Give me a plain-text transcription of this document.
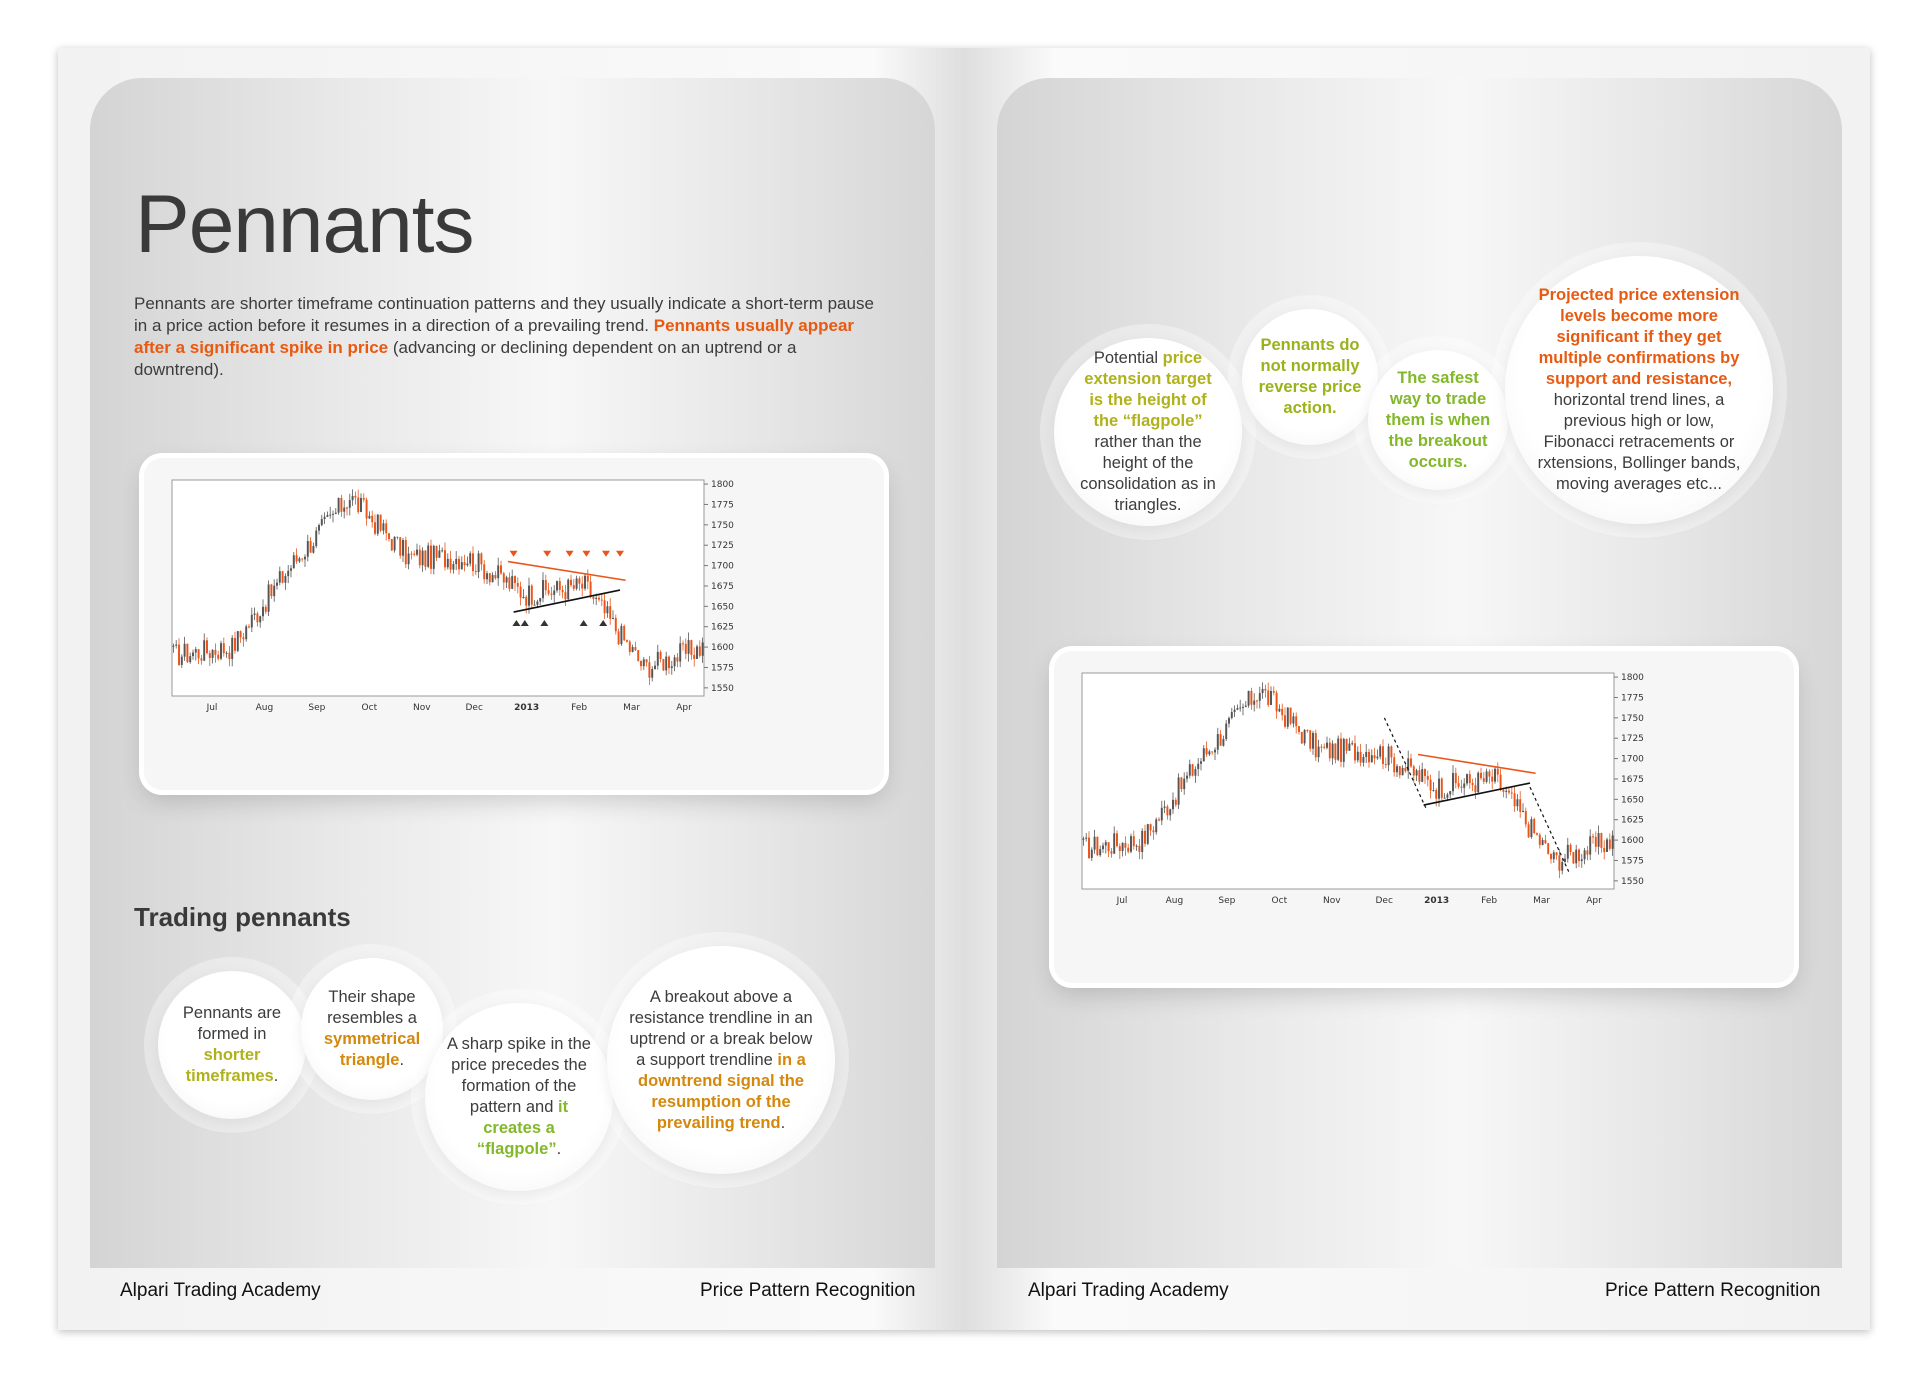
Pennants

Pennants are shorter timeframe continuation patterns and they usually indicate a short-term pause in a price action before it resumes in a direction of a prevailing trend. Pennants usually appear after a significant spike in price (advancing or declining dependent on an uptrend or a downtrend).

1800
1775
1750
1725
1700
1675
1650
1625
1600
1575
1550
Jul	Aug	Sep	Oct	Nov	Dec	2013	Feb	Mar	Apr
Trading pennants

Pennants are formed in shorter timeframes.

Their shape resembles a symmetrical triangle.

A sharp spike in the price precedes the formation of the pattern and it creates a “flagpole”.

A breakout above a resistance trendline in an uptrend or a break below a support trendline in a downtrend signal the resumption of the prevailing trend.

Alpari Trading Academy	Price Pattern Recognition

Potential price extension target is the height of the “flagpole” rather than the height of the consolidation as in triangles.

Pennants do not normally reverse price action.

The safest way to trade them is when the breakout occurs.

Projected price extension levels become more significant if they get multiple confirmations by support and resistance, horizontal trend lines, a previous high or low, Fibonacci retracements or rxtensions, Bollinger bands, moving averages etc...

1800
1775
1750
1725
1700
1675
1650
1625
1600
1575
1550
Jul	Aug	Sep	Oct	Nov	Dec	2013	Feb	Mar	Apr
Alpari Trading Academy	Price Pattern Recognition
